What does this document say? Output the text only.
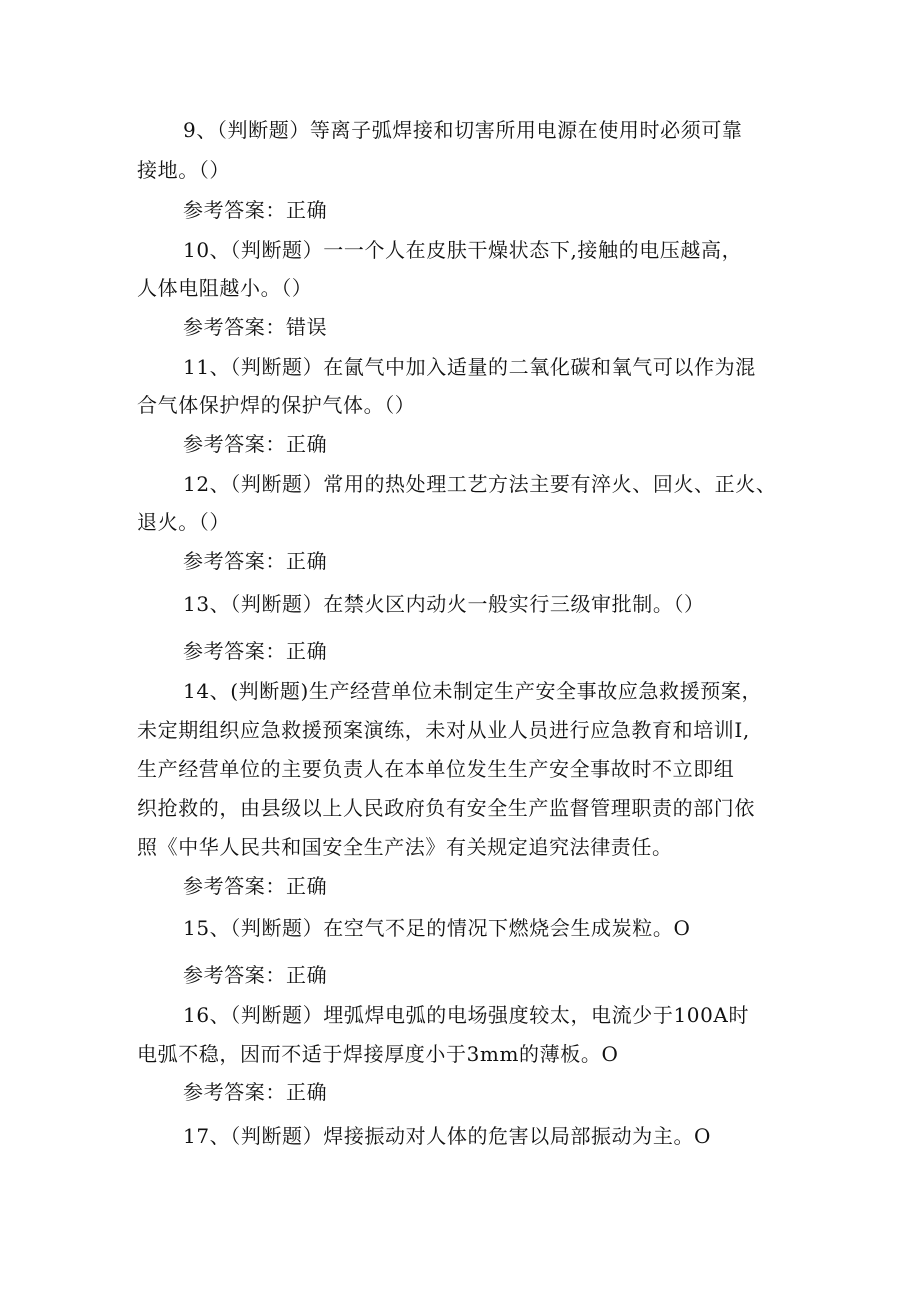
9、（判断题）等离子弧焊接和切害所用电源在使用时必须可靠
接地。（）
参考答案：正确
10、（判断题）一一个人在皮肤干燥状态下,接触的电压越高，
人体电阻越小。（）
参考答案：错误
11、（判断题）在氤气中加入适量的二氧化碳和氧气可以作为混
合气体保护焊的保护气体。（）
参考答案：正确
12、（判断题）常用的热处理工艺方法主要有淬火、回火、正火、
退火。（）
参考答案：正确
13、（判断题）在禁火区内动火一般实行三级审批制。（）
参考答案：正确
14、(判断题)生产经营单位未制定生产安全事故应急救援预案，
未定期组织应急救援预案演练，未对从业人员进行应急教育和培训I,
生产经营单位的主要负责人在本单位发生生产安全事故时不立即组
织抢救的，由县级以上人民政府负有安全生产监督管理职责的部门依
照《中华人民共和国安全生产法》有关规定追究法律责任。
参考答案：正确
15、（判断题）在空气不足的情况下燃烧会生成炭粒。O
参考答案：正确
16、（判断题）埋弧焊电弧的电场强度较太，电流少于100A时
电弧不稳，因而不适于焊接厚度小于3mm的薄板。O
参考答案：正确
17、（判断题）焊接振动对人体的危害以局部振动为主。O
